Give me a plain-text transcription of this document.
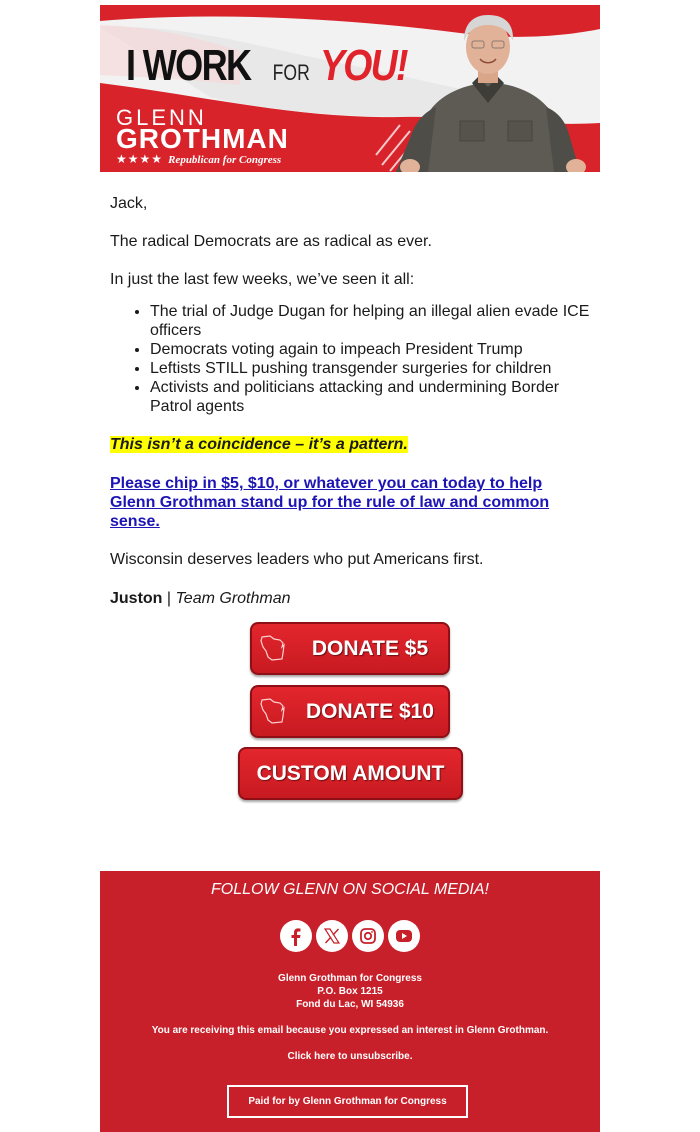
I WORK FOR YOU!
GLENN
GROTHMAN
★★★★ Republican for Congress

Jack,

The radical Democrats are as radical as ever.

In just the last few weeks, we’ve seen it all:

• The trial of Judge Dugan for helping an illegal alien evade ICE officers
• Democrats voting again to impeach President Trump
• Leftists STILL pushing transgender surgeries for children
• Activists and politicians attacking and undermining Border Patrol agents

This isn’t a coincidence – it’s a pattern.

Please chip in $5, $10, or whatever you can today to help Glenn Grothman stand up for the rule of law and common sense.

Wisconsin deserves leaders who put Americans first.

Juston | Team Grothman

DONATE $5
DONATE $10
CUSTOM AMOUNT
FOLLOW GLENN ON SOCIAL MEDIA!
Glenn Grothman for Congress
P.O. Box 1215
Fond du Lac, WI 54936
You are receiving this email because you expressed an interest in Glenn Grothman.
Click here to unsubscribe.
Paid for by Glenn Grothman for Congress
